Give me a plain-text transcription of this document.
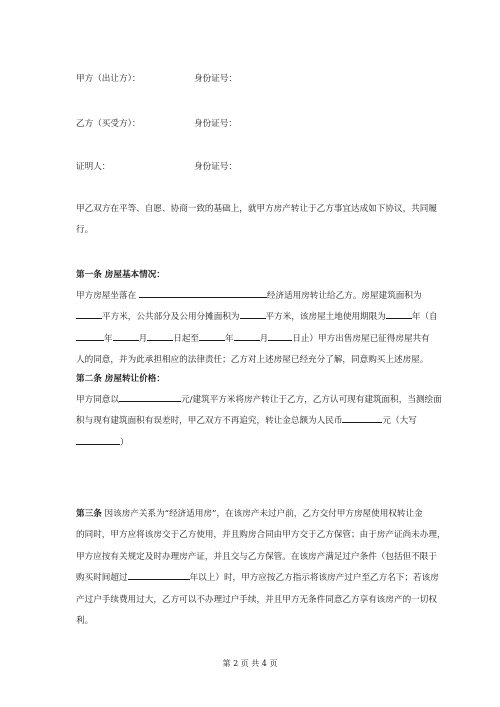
甲方（出让方）：	身份证号：
乙方（买受方）：	身份证号：
证明人：	身份证号：
甲乙双方在平等、自愿、协商一致的基础上，就甲方房产转让于乙方事宜达成如下协议，共同履
行。
第一条 房屋基本情况：
甲方房屋坐落在	经济适用房转让给乙方。房屋建筑面积为
平方米，公共部分及公用分摊面积为	平方米，该房屋土地使用期限为	年（自
年	月	日起至	年	月	日止）甲方出售房屋已征得房屋共有
人的同意，并为此承担相应的法律责任；乙方对上述房屋已经充分了解，同意购买上述房屋。
第二条 房屋转让价格：
甲方同意以	元/建筑平方米将房产转让于乙方，乙方认可现有建筑面积，当测绘面
积与现有建筑面积有误差时，甲乙双方不再追究，转让金总额为人民币	元（大写
）
第三条 因该房产关系为“经济适用房”，在该房产未过户前，乙方交付甲方房屋使用权转让金
的同时，甲方应将该房交于乙方使用，并且购房合同由甲方交于乙方保管；由于房产证尚未办理，
甲方应按有关规定及时办理房产证，并且交与乙方保管。在该房产满足过户条件（包括但不限于
购买时间超过	年以上）时，甲方应按乙方指示将该房产过户至乙方名下；若该房
产过户手续费用过大，乙方可以不办理过户手续，并且甲方无条件同意乙方享有该房产的一切权
利。
第 2 页 共 4 页
